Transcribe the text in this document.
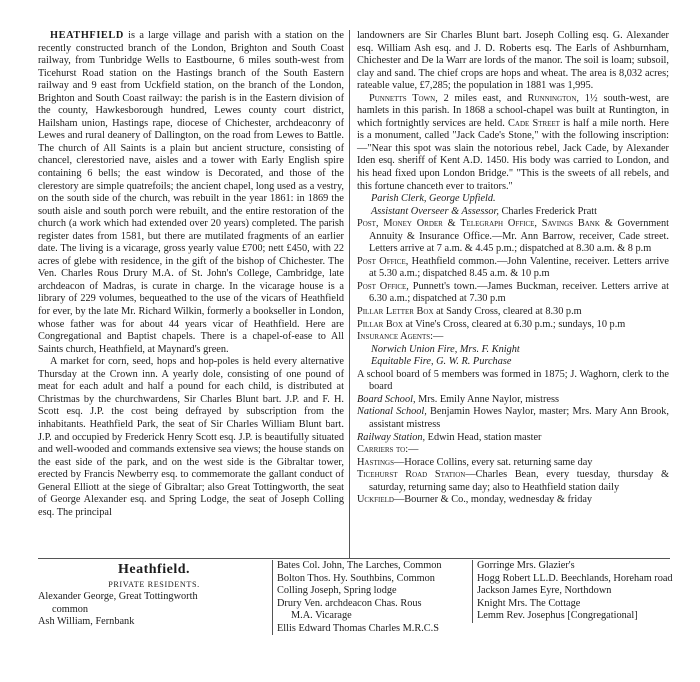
HEATHFIELD is a large village and parish with a station on the recently constructed branch of the London, Brighton and South Coast railway, from Tunbridge Wells to Eastbourne, 6 miles south-west from Ticehurst Road station on the Hastings branch of the South Eastern railway and 9 east from Uckfield station, on the branch of the London, Brighton and South Coast railway: the parish is in the Eastern division of the county, Hawkesborough hundred, Lewes county court district, Hailsham union, Hastings rape, diocese of Chichester, archdeaconry of Lewes and rural deanery of Dallington, on the road from Lewes to Battle. The church of All Saints is a plain but ancient structure, consisting of chancel, clerestoried nave, aisles and a tower with Early English spire containing 6 bells; the east window is Decorated, and those of the clerestory are simple quatrefoils; the ancient chapel, long used as a vestry, on the south side of the church, was rebuilt in the year 1861: in 1869 the south aisle and south porch were rebuilt, and the entire restoration of the church (a work which had extended over 20 years) completed. The parish register dates from 1581, but there are mutilated fragments of an earlier date. The living is a vicarage, gross yearly value £700; nett £450, with 22 acres of glebe with residence, in the gift of the bishop of Chichester. The Ven. Charles Rous Drury M.A. of St. John's College, Cambridge, late archdeacon of Madras, is curate in charge. In the vicarage house is a library of 229 volumes, bequeathed to the use of the vicars of Heathfield for ever, by the late Mr. Richard Wilkin, formerly a bookseller in London, whose father was for about 44 years vicar of Heathfield. Here are Congregational and Baptist chapels. There is a chapel-of-ease to All Saints church, Heathfield, at Maynard's green.

A market for corn, seed, hops and hop-poles is held every alternative Thursday at the Crown inn. A yearly dole, consisting of one pound of meat for each adult and half a pound for each child, is distributed at Christmas by the churchwardens, Sir Charles Blunt bart. J.P. and F. H. Scott esq. J.P. the cost being defrayed by subscription from the inhabitants. Heathfield Park, the seat of Sir Charles William Blunt bart. J.P. and occupied by Frederick Henry Scott esq. J.P. is beautifully situated and well-wooded and commands extensive sea views; the house stands on the east side of the park, and on the west side is the Gibraltar tower, erected by Francis Newberry esq. to commemorate the gallant conduct of General Elliott at the siege of Gibraltar; also Great Tottingworth, the seat of George Alexander esq. and Spring Lodge, the seat of Joseph Colling esq. The principal

landowners are Sir Charles Blunt bart. Joseph Colling esq. G. Alexander esq. William Ash esq. and J. D. Roberts esq. The Earls of Ashburnham, Chichester and De la Warr are lords of the manor. The soil is loam; subsoil, clay and sand. The chief crops are hops and wheat. The area is 8,032 acres; rateable value, £7,285; the population in 1881 was 1,995.

Punnetts Town, 2 miles east, and Runnington, 1½ south-west, are hamlets in this parish. In 1868 a school-chapel was built at Runtington, in which fortnightly services are held. Cade Street is half a mile north. Here is a monument, called "Jack Cade's Stone," with the following inscription:—"Near this spot was slain the notorious rebel, Jack Cade, by Alexander Iden esq. sheriff of Kent A.D. 1450. His body was carried to London, and his head fixed upon London Bridge." "This is the sweets of all rebels, and this fortune chanceth ever to traitors."

Parish Clerk, George Upfield.

Assistant Overseer & Assessor, Charles Frederick Pratt

Post, Money Order & Telegraph Office, Savings Bank & Government Annuity & Insurance Office.—Mr. Ann Barrow, receiver, Cade street. Letters arrive at 7 a.m. & 4.45 p.m.; dispatched at 8.30 a.m. & 8 p.m

Post Office, Heathfield common.—John Valentine, receiver. Letters arrive at 5.30 a.m.; dispatched 8.45 a.m. & 10 p.m

Post Office, Punnett's town.—James Buckman, receiver. Letters arrive at 6.30 a.m.; dispatched at 7.30 p.m

Pillar Letter Box at Sandy Cross, cleared at 8.30 p.m

Pillar Box at Vine's Cross, cleared at 6.30 p.m.; sundays, 10 p.m

Insurance Agents:—

Norwich Union Fire, Mrs. F. Knight

Equitable Fire, G. W. R. Purchase

A school board of 5 members was formed in 1875; J. Waghorn, clerk to the board

Board School, Mrs. Emily Anne Naylor, mistress

National School, Benjamin Howes Naylor, master; Mrs. Mary Ann Brook, assistant mistress

Railway Station, Edwin Head, station master

Carriers to:—

Hastings—Horace Collins, every sat. returning same day

Ticehurst Road Station—Charles Bean, every tuesday, thursday & saturday, returning same day; also to Heathfield station daily

Uckfield—Bourner & Co., monday, wednesday & friday

Heathfield.
PRIVATE RESIDENTS.

Alexander George, Great Tottingworth

common

Ash William, Fernbank

Bates Col. John, The Larches, Common

Bolton Thos. Hy. Southbins, Common

Colling Joseph, Spring lodge

Drury Ven. archdeacon Chas. Rous

M.A. Vicarage

Ellis Edward Thomas Charles M.R.C.S

Gorringe Mrs. Glazier's

Hogg Robert LL.D. Beechlands, Horeham road

Jackson James Eyre, Northdown

Knight Mrs. The Cottage

Lemm Rev. Josephus [Congregational]
